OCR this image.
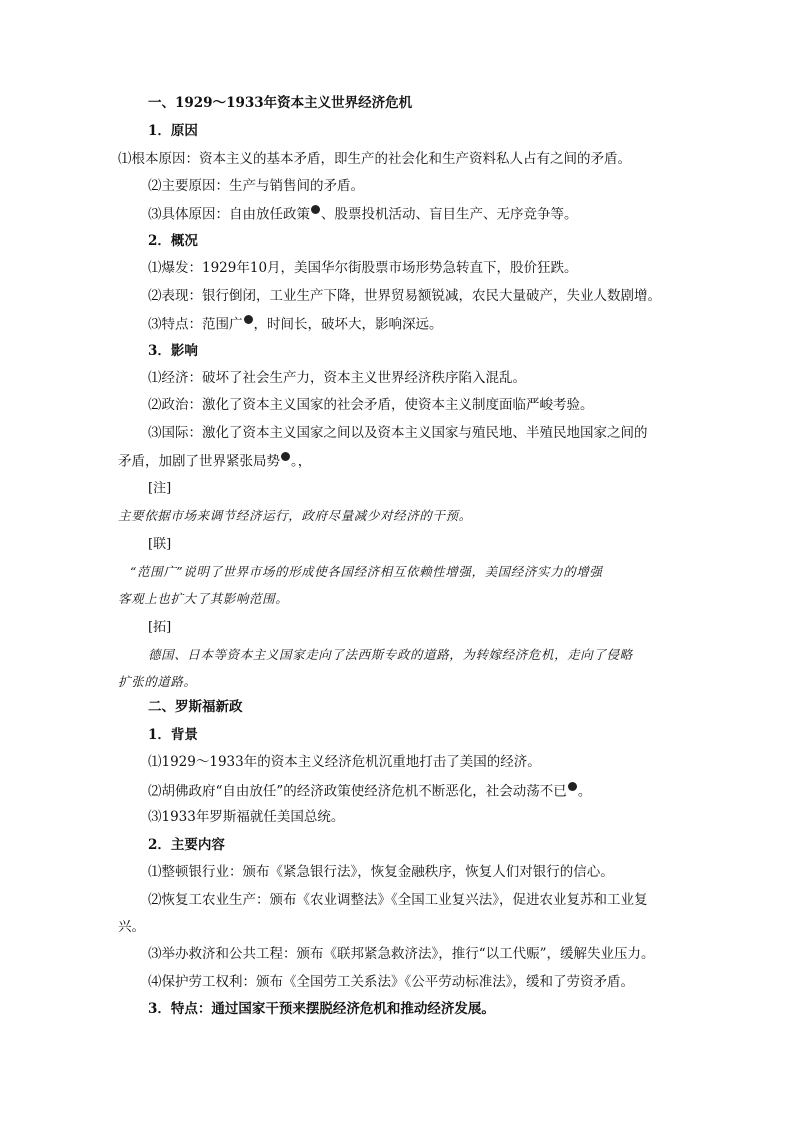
一、1929～1933年资本主义世界经济危机
1．原因
⑴根本原因：资本主义的基本矛盾，即生产的社会化和生产资料私人占有之间的矛盾。
⑵主要原因：生产与销售间的矛盾。
⑶具体原因：自由放任政策 、股票投机活动、盲目生产、无序竞争等。
2．概况
⑴爆发：1929年10月，美国华尔街股票市场形势急转直下，股价狂跌。
⑵表现：银行倒闭，工业生产下降，世界贸易额锐减，农民大量破产，失业人数剧增。
⑶特点：范围广 ，时间长，破坏大，影响深远。
3．影响
⑴经济：破坏了社会生产力，资本主义世界经济秩序陷入混乱。
⑵政治：激化了资本主义国家的社会矛盾，使资本主义制度面临严峻考验。
⑶国际：激化了资本主义国家之间以及资本主义国家与殖民地、半殖民地国家之间的
矛盾，加剧了世界紧张局势 。，
[注]
主要依据市场来调节经济运行，政府尽量减少对经济的干预。
[联]
“范围广”说明了世界市场的形成使各国经济相互依赖性增强，美国经济实力的增强
客观上也扩大了其影响范围。
[拓]
德国、日本等资本主义国家走向了法西斯专政的道路，为转嫁经济危机，走向了侵略
扩张的道路。
二、罗斯福新政
1．背景
⑴1929～1933年的资本主义经济危机沉重地打击了美国的经济。
⑵胡佛政府“自由放任”的经济政策使经济危机不断恶化，社会动荡不已 。
⑶1933年罗斯福就任美国总统。
2．主要内容
⑴整顿银行业：颁布《紧急银行法》，恢复金融秩序，恢复人们对银行的信心。
⑵恢复工农业生产：颁布《农业调整法》《全国工业复兴法》，促进农业复苏和工业复
兴。
⑶举办救济和公共工程：颁布《联邦紧急救济法》，推行“以工代赈”，缓解失业压力。
⑷保护劳工权利：颁布《全国劳工关系法》《公平劳动标准法》，缓和了劳资矛盾。
3．特点：通过国家干预来摆脱经济危机和推动经济发展。
